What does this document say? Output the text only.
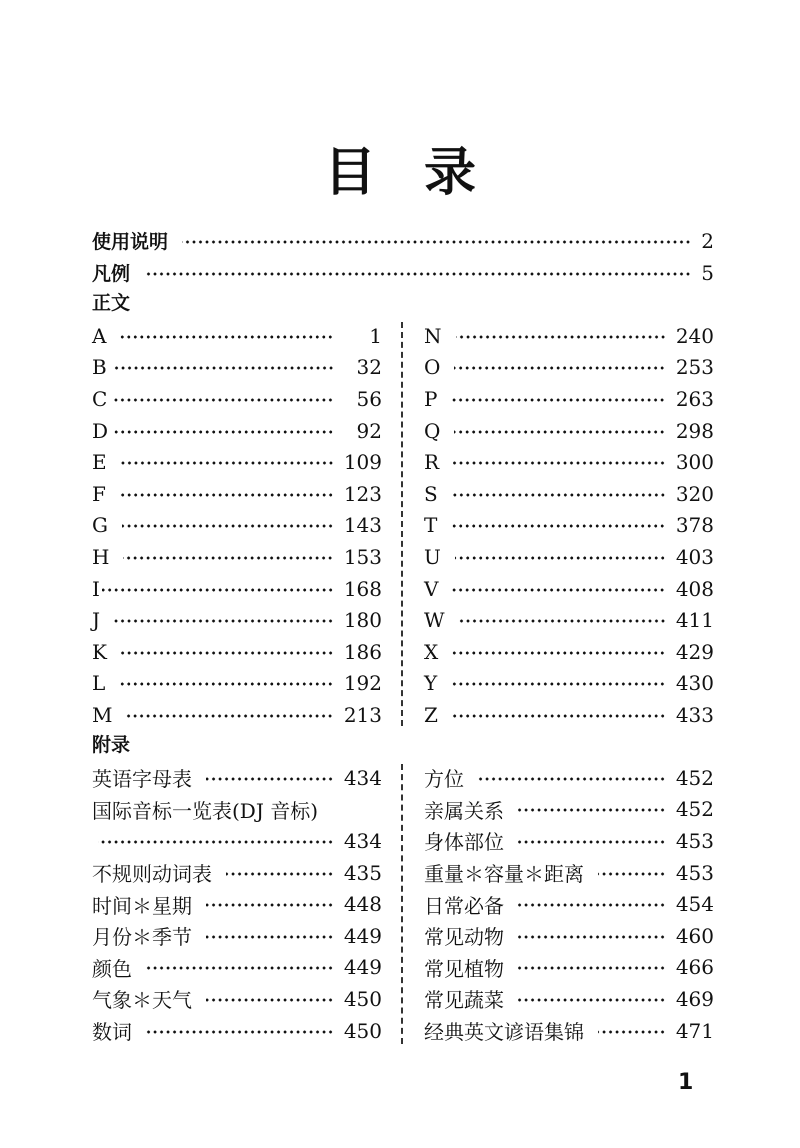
目录
使用说明	2
凡例	5
正文
A	1
B	32
C	56
D	92
E	109
F	123
G	143
H	153
I	168
J	180
K	186
L	192
M	213
N	240
O	253
P	263
Q	298
R	300
S	320
T	378
U	403
V	408
W	411
X	429
Y	430
Z	433
附录
英语字母表	434
国际音标一览表(DJ 音标)
434
不规则动词表	435
时间＊星期	448
月份＊季节	449
颜色	449
气象＊天气	450
数词	450
方位	452
亲属关系	452
身体部位	453
重量＊容量＊距离	453
日常必备	454
常见动物	460
常见植物	466
常见蔬菜	469
经典英文谚语集锦	471
1
